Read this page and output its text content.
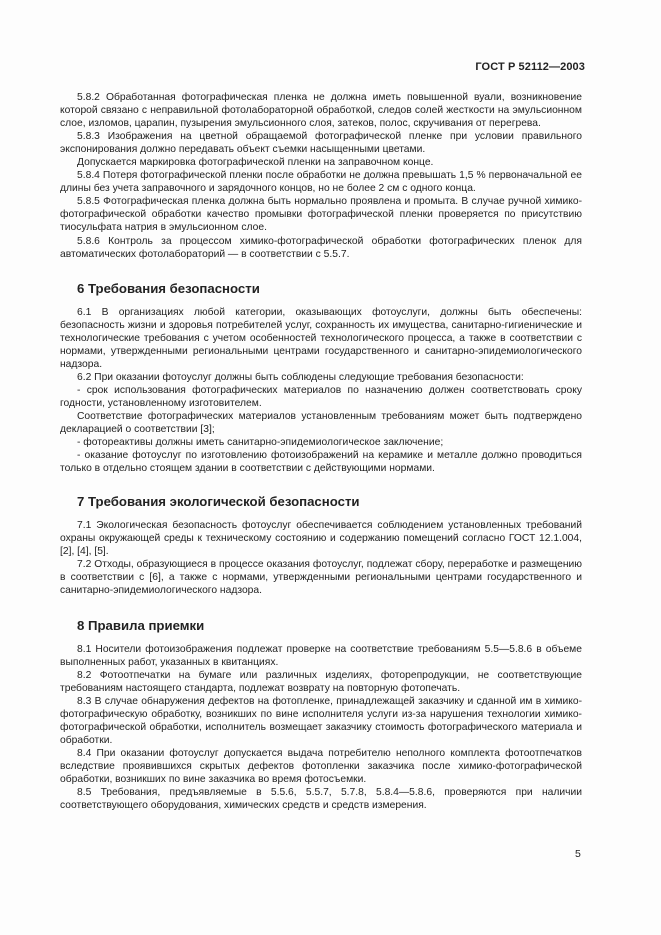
ГОСТ Р 52112—2003

5.8.2 Обработанная фотографическая пленка не должна иметь повышенной вуали, возникновение которой связано с неправильной фотолабораторной обработкой, следов солей жесткости на эмульсионном слое, изломов, царапин, пузырения эмульсионного слоя, затеков, полос, скручивания от перегрева.

5.8.3 Изображения на цветной обращаемой фотографической пленке при условии правильного экспонирования должно передавать объект съемки насыщенными цветами.

Допускается маркировка фотографической пленки на заправочном конце.

5.8.4 Потеря фотографической пленки после обработки не должна превышать 1,5 % первоначальной ее длины без учета заправочного и зарядочного концов, но не более 2 см с одного конца.

5.8.5 Фотографическая пленка должна быть нормально проявлена и промыта. В случае ручной химико-фотографической обработки качество промывки фотографической пленки проверяется по присутствию тиосульфата натрия в эмульсионном слое.

5.8.6 Контроль за процессом химико-фотографической обработки фотографических пленок для автоматических фотолабораторий — в соответствии с 5.5.7.

6 Требования безопасности

6.1 В организациях любой категории, оказывающих фотоуслуги, должны быть обеспечены: безопасность жизни и здоровья потребителей услуг, сохранность их имущества, санитарно-гигиенические и технологические требования с учетом особенностей технологического процесса, а также в соответствии с нормами, утвержденными региональными центрами государственного и санитарно-эпидемиологического надзора.

6.2 При оказании фотоуслуг должны быть соблюдены следующие требования безопасности:

- срок использования фотографических материалов по назначению должен соответствовать сроку годности, установленному изготовителем.

Соответствие фотографических материалов установленным требованиям может быть подтверждено декларацией о соответствии [3];

- фотореактивы должны иметь санитарно-эпидемиологическое заключение;

- оказание фотоуслуг по изготовлению фотоизображений на керамике и металле должно проводиться только в отдельно стоящем здании в соответствии с действующими нормами.

7 Требования экологической безопасности

7.1 Экологическая безопасность фотоуслуг обеспечивается соблюдением установленных требований охраны окружающей среды к техническому состоянию и содержанию помещений согласно ГОСТ 12.1.004, [2], [4], [5].

7.2 Отходы, образующиеся в процессе оказания фотоуслуг, подлежат сбору, переработке и размещению в соответствии с [6], а также с нормами, утвержденными региональными центрами государственного и санитарно-эпидемиологического надзора.

8 Правила приемки

8.1 Носители фотоизображения подлежат проверке на соответствие требованиям 5.5—5.8.6 в объеме выполненных работ, указанных в квитанциях.

8.2 Фотоотпечатки на бумаге или различных изделиях, фоторепродукции, не соответствующие требованиям настоящего стандарта, подлежат возврату на повторную фотопечать.

8.3 В случае обнаружения дефектов на фотопленке, принадлежащей заказчику и сданной им в химико-фотографическую обработку, возникших по вине исполнителя услуги из-за нарушения технологии химико-фотографической обработки, исполнитель возмещает заказчику стоимость фотографического материала и обработки.

8.4 При оказании фотоуслуг допускается выдача потребителю неполного комплекта фотоотпечатков вследствие проявившихся скрытых дефектов фотопленки заказчика после химико-фотографической обработки, возникших по вине заказчика во время фотосъемки.

8.5 Требования, предъявляемые в 5.5.6, 5.5.7, 5.7.8, 5.8.4—5.8.6, проверяются при наличии соответствующего оборудования, химических средств и средств измерения.

5
